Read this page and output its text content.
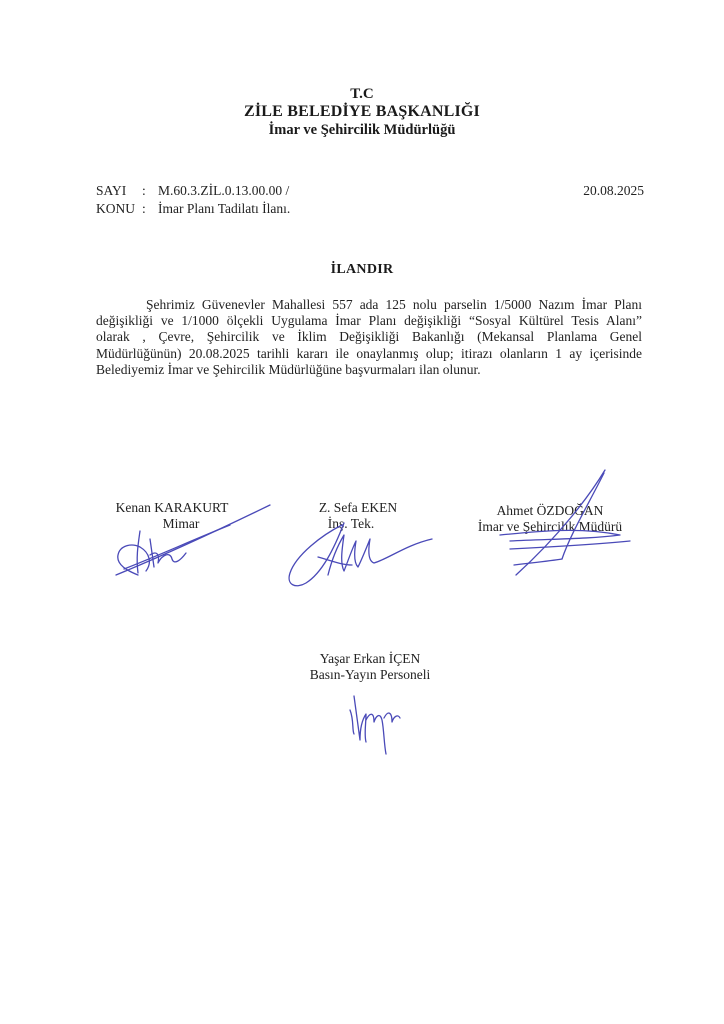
T.C
ZİLE BELEDİYE BAŞKANLIĞI
İmar ve Şehircilik Müdürlüğü
SAYI	: M.60.3.ZİL.0.13.00.00 /
KONU : İmar Planı Tadilatı İlanı.
20.08.2025
İLANDIR
Şehrimiz Güvenevler Mahallesi 557 ada 125 nolu parselin 1/5000 Nazım İmar Planı
değişikliği ve 1/1000 ölçekli Uygulama İmar Planı değişikliği “Sosyal Kültürel Tesis Alanı”
olarak , Çevre, Şehircilik ve İklim Değişikliği Bakanlığı (Mekansal Planlama Genel
Müdürlüğünün) 20.08.2025 tarihli kararı ile onaylanmış olup; itirazı olanların 1 ay içerisinde
Belediyemiz İmar ve Şehircilik Müdürlüğüne başvurmaları ilan olunur.
Kenan KARAKURT
Mimar
Z. Sefa EKEN
İnş. Tek.
Ahmet ÖZDOĞAN
İmar ve Şehircilik Müdürü
Yaşar Erkan İÇEN
Basın-Yayın Personeli
